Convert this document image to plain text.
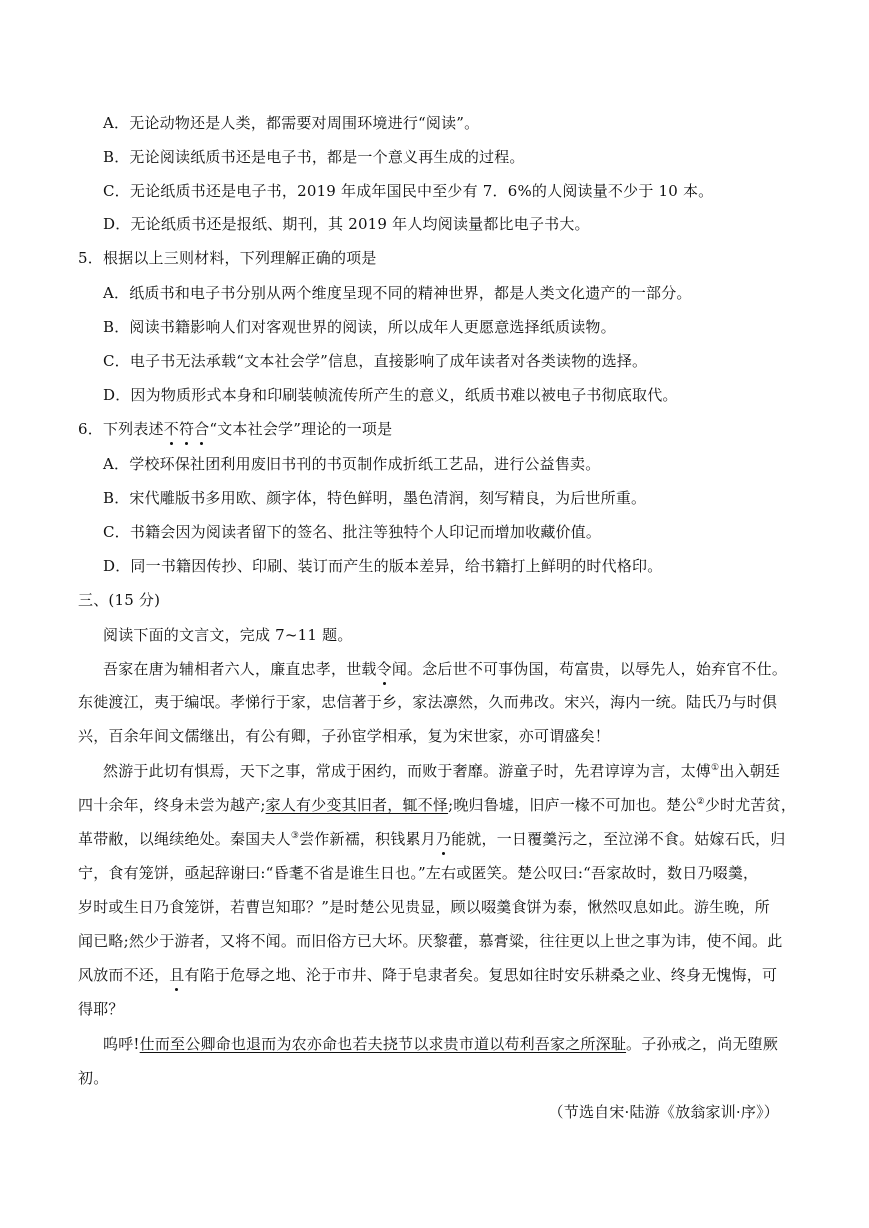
A．无论动物还是人类，都需要对周围环境进行“阅读”。
B．无论阅读纸质书还是电子书，都是一个意义再生成的过程。
C．无论纸质书还是电子书，2019 年成年国民中至少有 7．6%的人阅读量不少于 10 本。
D．无论纸质书还是报纸、期刊，其 2019 年人均阅读量都比电子书大。
5．根据以上三则材料，下列理解正确的项是
A．纸质书和电子书分别从两个维度呈现不同的精神世界，都是人类文化遗产的一部分。
B．阅读书籍影响人们对客观世界的阅读，所以成年人更愿意选择纸质读物。
C．电子书无法承载“文本社会学”信息，直接影响了成年读者对各类读物的选择。
D．因为物质形式本身和印刷装帧流传所产生的意义，纸质书难以被电子书彻底取代。
6．下列表述不符合“文本社会学”理论的一项是
A．学校环保社团利用废旧书刊的书页制作成折纸工艺品，进行公益售卖。
B．宋代雕版书多用欧、颜字体，特色鲜明，墨色清润，刻写精良，为后世所重。
C．书籍会因为阅读者留下的签名、批注等独特个人印记而增加收藏价值。
D．同一书籍因传抄、印刷、装订而产生的版本差异，给书籍打上鲜明的时代格印。
三、(15 分)
阅读下面的文言文，完成 7~11 题。
吾家在唐为辅相者六人，廉直忠孝，世载令闻。念后世不可事伪国，苟富贵，以辱先人，始弃官不仕。
东徙渡江，夷于编氓。孝悌行于家，忠信著于乡，家法凛然，久而弗改。宋兴，海内一统。陆氏乃与时俱
兴，百余年间文儒继出，有公有卿，子孙宦学相承，复为宋世家，亦可谓盛矣！
然游于此切有惧焉，天下之事，常成于困约，而败于奢靡。游童子时，先君谆谆为言，太傅①出入朝廷
四十余年，终身未尝为越产;家人有少变其旧者，辄不怿;晚归鲁墟，旧庐一椽不可加也。楚公②少时尤苦贫，
革带敝，以绳续绝处。秦国夫人③尝作新襦，积钱累月乃能就，一日覆羹污之，至泣涕不食。姑嫁石氏，归
宁，食有笼饼，亟起辞谢曰:“昏耄不省是谁生日也。”左右或匿笑。楚公叹曰:“吾家故时，数日乃啜羹，
岁时或生日乃食笼饼，若曹岂知耶？”是时楚公见贵显，顾以啜羹食饼为泰，愀然叹息如此。游生晚，所
闻已略;然少于游者，又将不闻。而旧俗方已大坏。厌黎藿，慕膏粱，往往更以上世之事为讳，使不闻。此
风放而不还，且有陷于危辱之地、沦于市井、降于皂隶者矣。复思如往时安乐耕桑之业、终身无愧悔，可
得耶？
呜呼!仕而至公卿命也退而为农亦命也若夫挠节以求贵市道以苟利吾家之所深耻。子孙戒之，尚无堕厥
初。
（节选自宋·陆游《放翁家训·序》）
